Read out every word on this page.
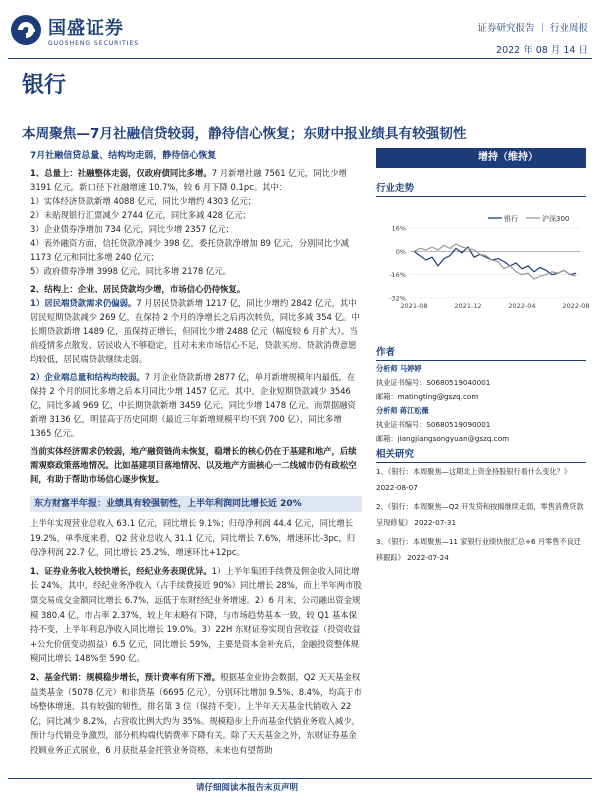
国盛证券
GUOSHENG SECURITIES
证券研究报告 ｜ 行业周报
2022 年 08 月 14 日
银行
本周聚焦—7月社融信贷较弱，静待信心恢复；东财中报业绩具有较强韧性
7月社融信贷总量、结构均走弱，静待信心恢复

1、总量上：社融整体走弱，仅政府债同比多增。7 月新增社融 7561 亿元，同比少增 3191 亿元。新口径下社融增速 10.7%，较 6 月下降 0.1pc。其中：
1）实体经济贷款新增 4088 亿元，同比少增约 4303 亿元；
2）未贴现银行汇票减少 2744 亿元，同比多减 428 亿元；
3）企业债券净增加 734 亿元，同比少增 2357 亿元；
4）表外融资方面，信托贷款净减少 398 亿，委托贷款净增加 89 亿元，分别同比少减 1173 亿元和同比多增 240 亿元；
5）政府债券净增 3998 亿元，同比多增 2178 亿元。

2、结构上：企业、居民贷款均少增，市场信心仍待恢复。
1）居民端贷款需求仍偏弱。7 月居民贷款新增 1217 亿，同比少增约 2842 亿元，其中居民短期贷款减少 269 亿，在保持 2 个月的净增长之后再次转负，同比多减 354 亿。中长期贷款新增 1489 亿，虽保持正增长，但同比少增 2488 亿元（幅度较 6 月扩大）。当前疫情多点散发、居民收入不够稳定，且对未来市场信心不足，贷款买房、贷款消费意愿均较低，居民端贷款继续走弱。

2）企业端总量和结构均较弱。7 月企业贷款新增 2877 亿，单月新增规模年内最低，在保持 2 个月的同比多增之后本月同比少增 1457 亿元。其中，企业短期贷款减少 3546 亿，同比多减 969 亿，中长期贷款新增 3459 亿元，同比少增 1478 亿元，而票据融资新增 3136 亿，明显高于历史同期（最近三年新增规模平均不到 700 亿），同比多增 1365 亿元。

当前实体经济需求仍较弱，地产融资链尚未恢复，稳增长的核心仍在于基建和地产，后续需观察政策落地情况。比如基建项目落地情况、以及地产方面核心一二线城市仍有政松空间，有助于帮助市场信心逐步恢复。

东方财富半年报：业绩具有较强韧性，上半年利润同比增长近 20%

上半年实现营业总收入 63.1 亿元，同比增长 9.1%；归母净利润 44.4 亿元，同比增长 19.2%，单季度来看，Q2 营业总收入 31.1 亿元，同比增长 7.6%，增速环比-3pc，归母净利润 22.7 亿，同比增长 25.2%，增速环比+12pc。

1、证券业务收入较快增长，经纪业务表现优异。1）上半年集团手续费及佣金收入同比增长 24%，其中，经纪业务净收入（占手续费接近 90%）同比增长 28%，而上半年两市股票交易成交金额同比增长 6.7%，远低于东财经纪业务增速。2）6 月末，公司融出资金规模 380.4 亿，市占率 2.37%，较上年末略有下降，与市场趋势基本一致，较 Q1 基本保持不变，上半年利息净收入同比增长 19.0%。3）22H 东财证券实现自营收益（投资收益+公允价值变动损益）6.5 亿元，同比增长 59%，主要是资本金补充后，金融投资整体规模同比增长 148%至 590 亿。

2、基金代销：规模稳步增长，预计费率有所下滑。根据基金业协会数据，Q2 天天基金权益类基金（5078 亿元）和非货基（6695 亿元），分别环比增加 9.5%、8.4%，均高于市场整体增速，具有较强的韧性，排名第 3 位（保持不变）。上半年天天基金代销收入 22 亿，同比减少 8.2%，占营收比例大约为 35%。规模稳步上升而基金代销业务收入减少，预计与代销竞争激烈，部分机构端代销费率下降有关。除了天天基金之外，东财证券基金投顾业务正式展业，6 月获批基金托管业务资格，未来也有望帮助

增持（维持）
行业走势
16%
0%
-16%
-32%
2021-08	2021-12	2022-04	2022-08
银行	沪深300
作者
分析师 马婷婷
执业证书编号：S0680519040001
邮箱：matingting@gszq.com
分析师 蒋江松薇
执业证书编号：S0680519090001
邮箱：jiangjiangsongyuan@gszq.com
相关研究
1、《银行：本周聚焦—这期北上资金持股银行看什么变化？》 2022-08-07
2、《银行：本周聚焦—Q2 开发贷和按揭继续走弱，零售消费贷款呈现修复》 2022-07-31
3、《银行：本周聚焦—11 家银行业绩快报汇总+6 月零售不良迁移跟踪》 2022-07-24
请仔细阅读本报告末页声明
